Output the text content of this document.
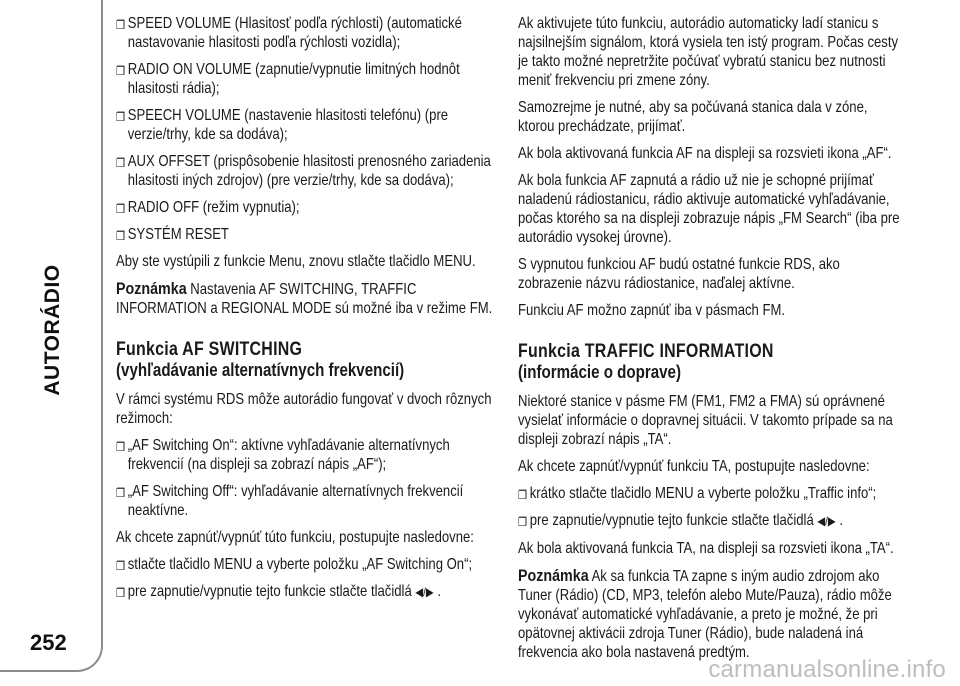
AUTORÁDIO
252
❒ SPEED VOLUME (Hlasitosť podľa rýchlosti) (automatické nastavovanie hlasitosti podľa rýchlosti vozidla);
❒ RADIO ON VOLUME (zapnutie/vypnutie limitných hodnôt hlasitosti rádia);
❒ SPEECH VOLUME (nastavenie hlasitosti telefónu) (pre verzie/trhy, kde sa dodáva);
❒ AUX OFFSET (prispôsobenie hlasitosti prenosného zariadenia hlasitosti iných zdrojov) (pre verzie/trhy, kde sa dodáva);
❒ RADIO OFF (režim vypnutia);
❒ SYSTÉM RESET

Aby ste vystúpili z funkcie Menu, znovu stlačte tlačidlo MENU.

Poznámka Nastavenia AF SWITCHING, TRAFFIC INFORMATION a REGIONAL MODE sú možné iba v režime FM.

Funkcia AF SWITCHING
(vyhľadávanie alternatívnych frekvencií)

V rámci systému RDS môže autorádio fungovať v dvoch rôznych režimoch:

❒ „AF Switching On“: aktívne vyhľadávanie alternatívnych frekvencií (na displeji sa zobrazí nápis „AF“);
❒ „AF Switching Off“: vyhľadávanie alternatívnych frekvencií neaktívne.

Ak chcete zapnúť/vypnúť túto funkciu, postupujte nasledovne:

❒ stlačte tlačidlo MENU a vyberte položku „AF Switching On“;
❒ pre zapnutie/vypnutie tejto funkcie stlačte tlačidlá ◀/▶ .

Ak aktivujete túto funkciu, autorádio automaticky ladí stanicu s najsilnejším signálom, ktorá vysiela ten istý program. Počas cesty je takto možné nepretržite počúvať vybratú stanicu bez nutnosti meniť frekvenciu pri zmene zóny.

Samozrejme je nutné, aby sa počúvaná stanica dala v zóne, ktorou prechádzate, prijímať.

Ak bola aktivovaná funkcia AF na displeji sa rozsvieti ikona „AF“.

Ak bola funkcia AF zapnutá a rádio už nie je schopné prijímať naladenú rádiostanicu, rádio aktivuje automatické vyhľadávanie, počas ktorého sa na displeji zobrazuje nápis „FM Search“ (iba pre autorádio vysokej úrovne).

S vypnutou funkciou AF budú ostatné funkcie RDS, ako zobrazenie názvu rádiostanice, naďalej aktívne.

Funkciu AF možno zapnúť iba v pásmach FM.

Funkcia TRAFFIC INFORMATION
(informácie o doprave)

Niektoré stanice v pásme FM (FM1, FM2 a FMA) sú oprávnené vysielať informácie o dopravnej situácii. V takomto prípade sa na displeji zobrazí nápis „TA“.

Ak chcete zapnúť/vypnúť funkciu TA, postupujte nasledovne:

❒ krátko stlačte tlačidlo MENU a vyberte položku „Traffic info“;
❒ pre zapnutie/vypnutie tejto funkcie stlačte tlačidlá ◀/▶ .

Ak bola aktivovaná funkcia TA, na displeji sa rozsvieti ikona „TA“.

Poznámka Ak sa funkcia TA zapne s iným audio zdrojom ako Tuner (Rádio) (CD, MP3, telefón alebo Mute/Pauza), rádio môže vykonávať automatické vyhľadávanie, a preto je možné, že pri opätovnej aktivácii zdroja Tuner (Rádio), bude naladená iná frekvencia ako bola nastavená predtým.

carmanualsonline.info
